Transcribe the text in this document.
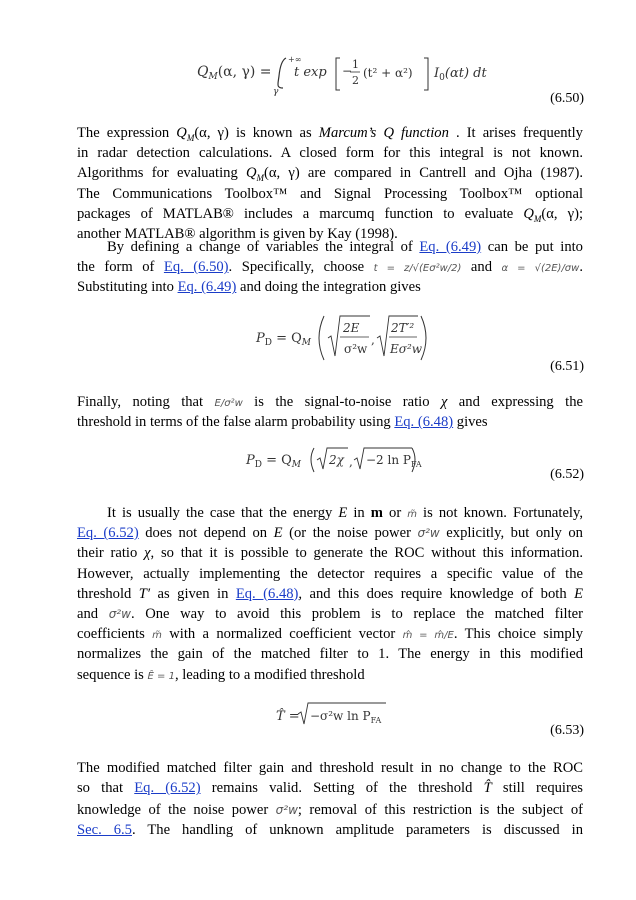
$Q_M(\alpha$, γ) =
+∞
γ
t exp − 1
2
(t² + α²) $I_0(\alpha t)$ dt
(6.50)
The expression $Q_M(\alpha$, γ) is known as Marcum’s Q function . It arises frequently
in radar detection calculations. A closed form for this integral is not known.
Algorithms for evaluating $Q_M(\alpha$, γ) are compared in Cantrell and Ojha (1987).
The Communications Toolbox™ and Signal Processing Toolbox™ optional
packages of MATLAB® includes a marcumq function to evaluate $Q_M(\alpha$, γ);
another MATLAB® algorithm is given by Kay (1998).
By defining a change of variables the integral of Eq. (6.49) can be put into
the form of Eq. (6.50). Specifically, choose t = z/√(Eσ²w/2) and α = √(2E)/σw.
Substituting into Eq. (6.49) and doing the integration gives
$P_D = Q_M$
2E
σ²w
,
2T′²
Eσ²w
(6.51)
Finally, noting that E/σ²w is the signal-to-noise ratio χ and expressing the
threshold in terms of the false alarm probability using Eq. (6.48) gives
$P_D = Q_M$ 2χ , −2 $\ln P_{FA}$
(6.52)
It is usually the case that the energy E in m or m̃ is not known. Fortunately,
Eq. (6.52) does not depend on E (or the noise power σ²w explicitly, but only on
their ratio χ, so that it is possible to generate the ROC without this information.
However, actually implementing the detector requires a specific value of the
threshold T′ as given in Eq. (6.48), and this does require knowledge of both E
and σ²w. One way to avoid this problem is to replace the matched filter
coefficients m̃ with a normalized coefficient vector m̂ = m̂/E. This choice simply
normalizes the gain of the matched filter to 1. The energy in this modified
sequence is Ê = 1, leading to a modified threshold
T̂ = −σ²w $\ln P_{FA}$
(6.53)
The modified matched filter gain and threshold result in no change to the ROC
so that Eq. (6.52) remains valid. Setting of the threshold T̂ still requires
knowledge of the noise power σ²w; removal of this restriction is the subject of
Sec. 6.5. The handling of unknown amplitude parameters is discussed in
